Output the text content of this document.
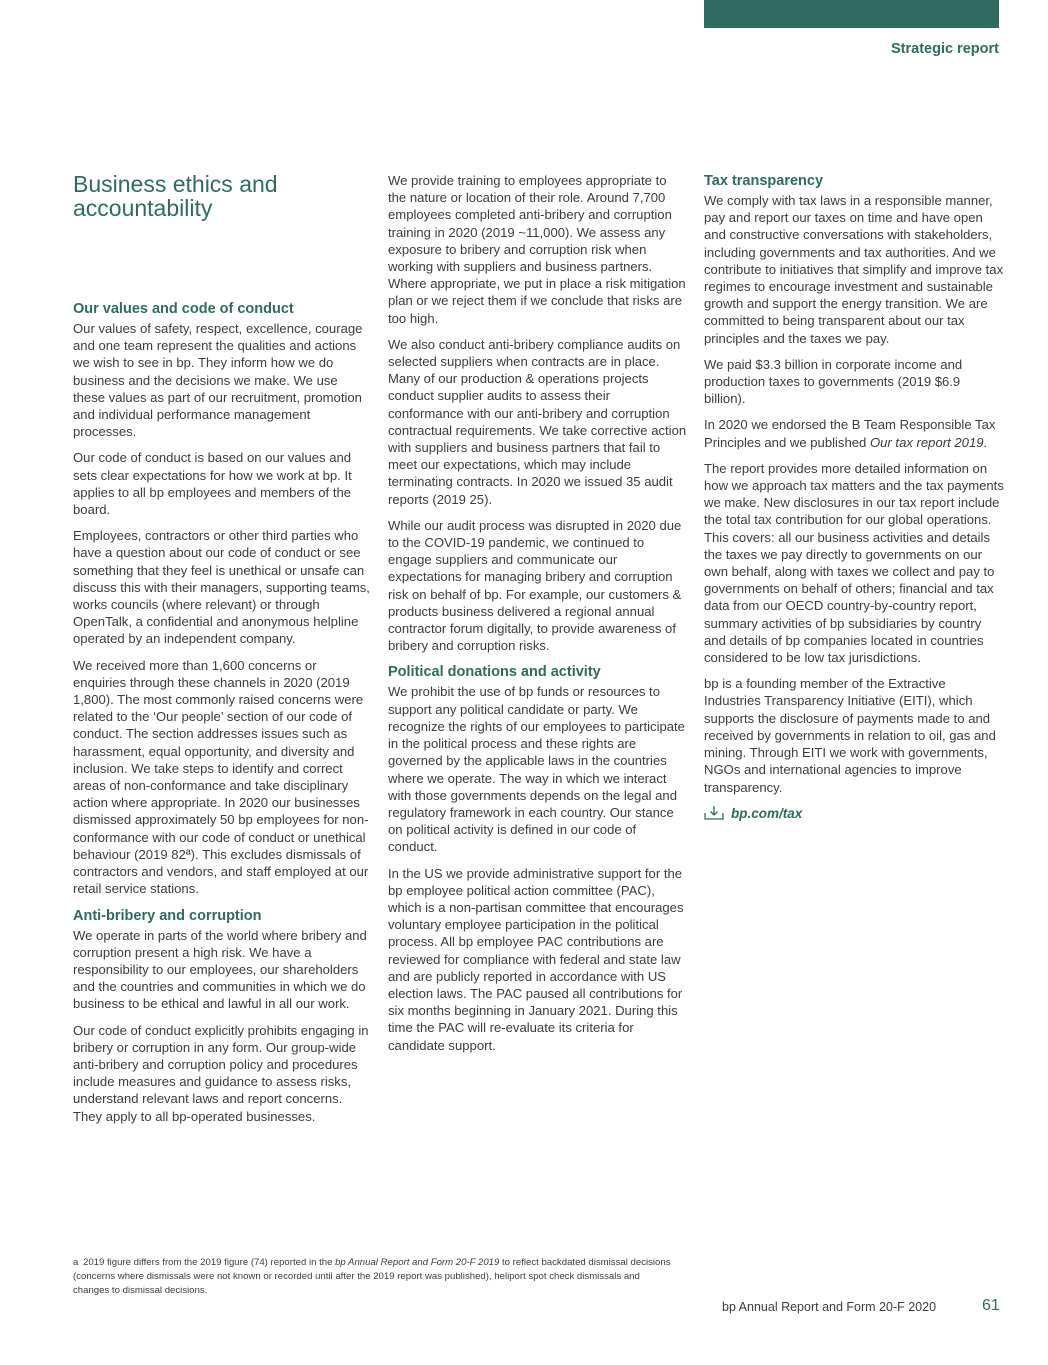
Strategic report
Business ethics and accountability
Our values and code of conduct

Our values of safety, respect, excellence, courage and one team represent the qualities and actions we wish to see in bp. They inform how we do business and the decisions we make. We use these values as part of our recruitment, promotion and individual performance management processes.

Our code of conduct is based on our values and sets clear expectations for how we work at bp. It applies to all bp employees and members of the board.

Employees, contractors or other third parties who have a question about our code of conduct or see something that they feel is unethical or unsafe can discuss this with their managers, supporting teams, works councils (where relevant) or through OpenTalk, a confidential and anonymous helpline operated by an independent company.

We received more than 1,600 concerns or enquiries through these channels in 2020 (2019 1,800). The most commonly raised concerns were related to the ‘Our people’ section of our code of conduct. The section addresses issues such as harassment, equal opportunity, and diversity and inclusion. We take steps to identify and correct areas of non-conformance and take disciplinary action where appropriate. In 2020 our businesses dismissed approximately 50 bp employees for non-conformance with our code of conduct or unethical behaviour (2019 82ª). This excludes dismissals of contractors and vendors, and staff employed at our retail service stations.

Anti-bribery and corruption

We operate in parts of the world where bribery and corruption present a high risk. We have a responsibility to our employees, our shareholders and the countries and communities in which we do business to be ethical and lawful in all our work.

Our code of conduct explicitly prohibits engaging in bribery or corruption in any form. Our group-wide anti-bribery and corruption policy and procedures include measures and guidance to assess risks, understand relevant laws and report concerns. They apply to all bp-operated businesses.

We provide training to employees appropriate to the nature or location of their role. Around 7,700 employees completed anti-bribery and corruption training in 2020 (2019 ~11,000). We assess any exposure to bribery and corruption risk when working with suppliers and business partners. Where appropriate, we put in place a risk mitigation plan or we reject them if we conclude that risks are too high.

We also conduct anti-bribery compliance audits on selected suppliers when contracts are in place. Many of our production & operations projects conduct supplier audits to assess their conformance with our anti-bribery and corruption contractual requirements. We take corrective action with suppliers and business partners that fail to meet our expectations, which may include terminating contracts. In 2020 we issued 35 audit reports (2019 25).

While our audit process was disrupted in 2020 due to the COVID-19 pandemic, we continued to engage suppliers and communicate our expectations for managing bribery and corruption risk on behalf of bp. For example, our customers & products business delivered a regional annual contractor forum digitally, to provide awareness of bribery and corruption risks.

Political donations and activity

We prohibit the use of bp funds or resources to support any political candidate or party. We recognize the rights of our employees to participate in the political process and these rights are governed by the applicable laws in the countries where we operate. The way in which we interact with those governments depends on the legal and regulatory framework in each country. Our stance on political activity is defined in our code of conduct.

In the US we provide administrative support for the bp employee political action committee (PAC), which is a non-partisan committee that encourages voluntary employee participation in the political process. All bp employee PAC contributions are reviewed for compliance with federal and state law and are publicly reported in accordance with US election laws. The PAC paused all contributions for six months beginning in January 2021. During this time the PAC will re-evaluate its criteria for candidate support.

Tax transparency

We comply with tax laws in a responsible manner, pay and report our taxes on time and have open and constructive conversations with stakeholders, including governments and tax authorities. And we contribute to initiatives that simplify and improve tax regimes to encourage investment and sustainable growth and support the energy transition. We are committed to being transparent about our tax principles and the taxes we pay.

We paid $3.3 billion in corporate income and production taxes to governments (2019 $6.9 billion).

In 2020 we endorsed the B Team Responsible Tax Principles and we published Our tax report 2019.

The report provides more detailed information on how we approach tax matters and the tax payments we make. New disclosures in our tax report include the total tax contribution for our global operations. This covers: all our business activities and details the taxes we pay directly to governments on our own behalf, along with taxes we collect and pay to governments on behalf of others; financial and tax data from our OECD country-by-country report, summary activities of bp subsidiaries by country and details of bp companies located in countries considered to be low tax jurisdictions.

bp is a founding member of the Extractive Industries Transparency Initiative (EITI), which supports the disclosure of payments made to and received by governments in relation to oil, gas and mining. Through EITI we work with governments, NGOs and international agencies to improve transparency.

bp.com/tax
a 2019 figure differs from the 2019 figure (74) reported in the bp Annual Report and Form 20-F 2019 to reflect backdated dismissal decisions (concerns where dismissals were not known or recorded until after the 2019 report was published), heliport spot check dismissals and changes to dismissal decisions.
bp Annual Report and Form 20-F 2020	61
